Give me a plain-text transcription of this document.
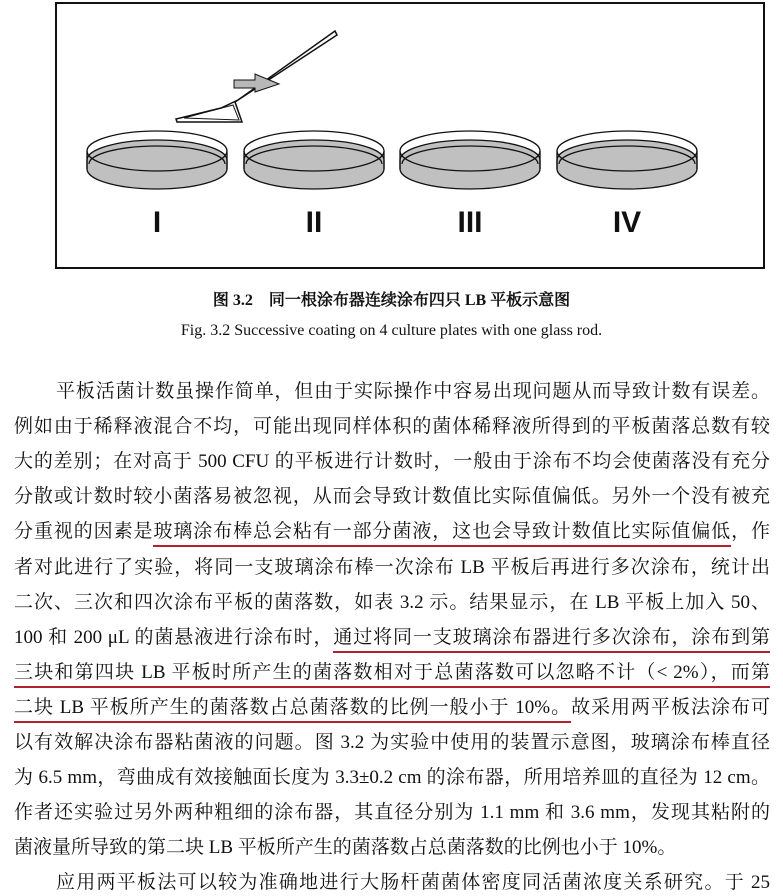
I	II	III	IV
图 3.2　同一根涂布器连续涂布四只 LB 平板示意图
Fig. 3.2 Successive coating on 4 culture plates with one glass rod.
平板活菌计数虽操作简单，但由于实际操作中容易出现问题从而导致计数有误差。
例如由于稀释液混合不均，可能出现同样体积的菌体稀释液所得到的平板菌落总数有较
大的差别；在对高于 500 CFU 的平板进行计数时，一般由于涂布不均会使菌落没有充分
分散或计数时较小菌落易被忽视，从而会导致计数值比实际值偏低。另外一个没有被充
分重视的因素是玻璃涂布棒总会粘有一部分菌液，这也会导致计数值比实际值偏低，作
者对此进行了实验，将同一支玻璃涂布棒一次涂布 LB 平板后再进行多次涂布，统计出
二次、三次和四次涂布平板的菌落数，如表 3.2 示。结果显示，在 LB 平板上加入 50、
100 和 200 μL 的菌悬液进行涂布时，通过将同一支玻璃涂布器进行多次涂布，涂布到第
三块和第四块 LB 平板时所产生的菌落数相对于总菌落数可以忽略不计（< 2%），而第
二块 LB 平板所产生的菌落数占总菌落数的比例一般小于 10%。故采用两平板法涂布可
以有效解决涂布器粘菌液的问题。图 3.2 为实验中使用的装置示意图，玻璃涂布棒直径
为 6.5 mm，弯曲成有效接触面长度为 3.3±0.2 cm 的涂布器，所用培养皿的直径为 12 cm。
作者还实验过另外两种粗细的涂布器，其直径分别为 1.1 mm 和 3.6 mm，发现其粘附的
菌液量所导致的第二块 LB 平板所产生的菌落数占总菌落数的比例也小于 10%。
应用两平板法可以较为准确地进行大肠杆菌菌体密度同活菌浓度关系研究。于 25
